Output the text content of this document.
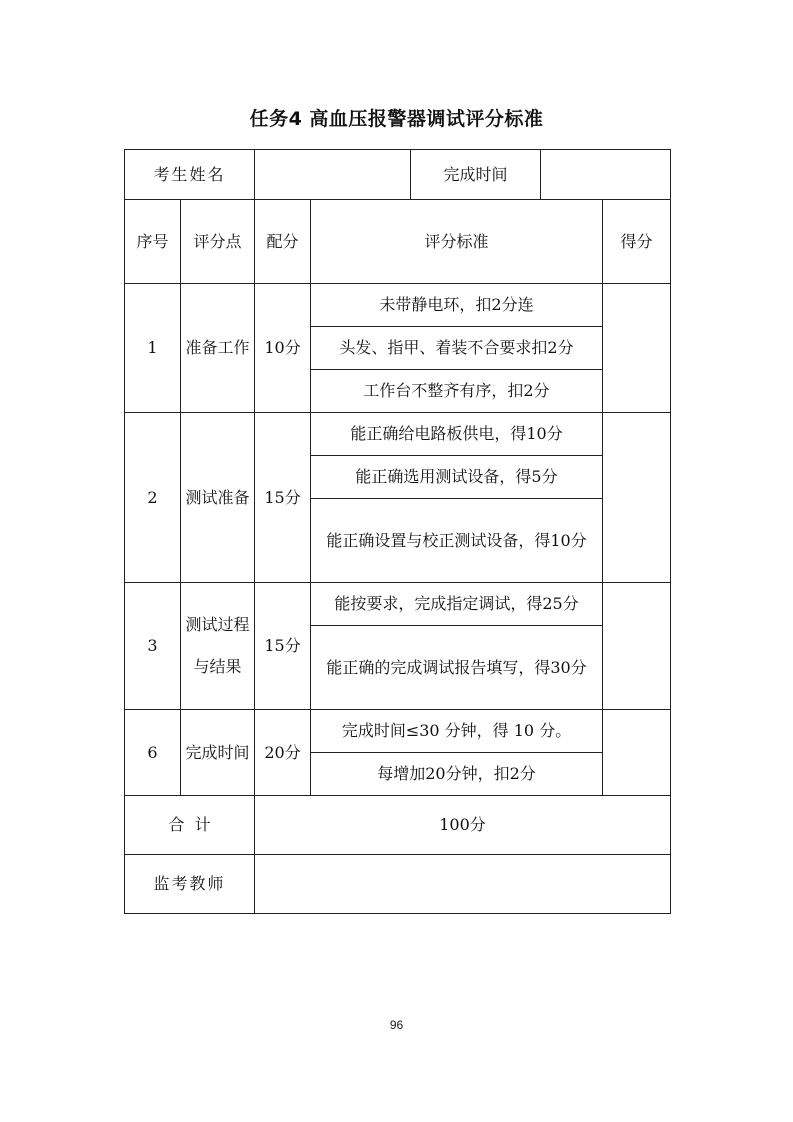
任务4 高血压报警器调试评分标准
考生姓名				完成时间		
序号	评分点	配分	评分标准			得分
1	准备工作	10分	未带静电环，扣2分连			
			头发、指甲、着装不合要求扣2分			
			工作台不整齐有序，扣2分			
2	测试准备	15分	能正确给电路板供电，得10分			
			能正确选用测试设备，得5分			
			能正确设置与校正测试设备，得10分			
3	测试过程与结果	15分	能按要求，完成指定调试，得25分			
			能正确的完成调试报告填写，得30分			
6	完成时间	20分	完成时间≤30 分钟，得 10 分。			
			每增加20分钟，扣2分			
合  计		100分				
监考教师						
96
